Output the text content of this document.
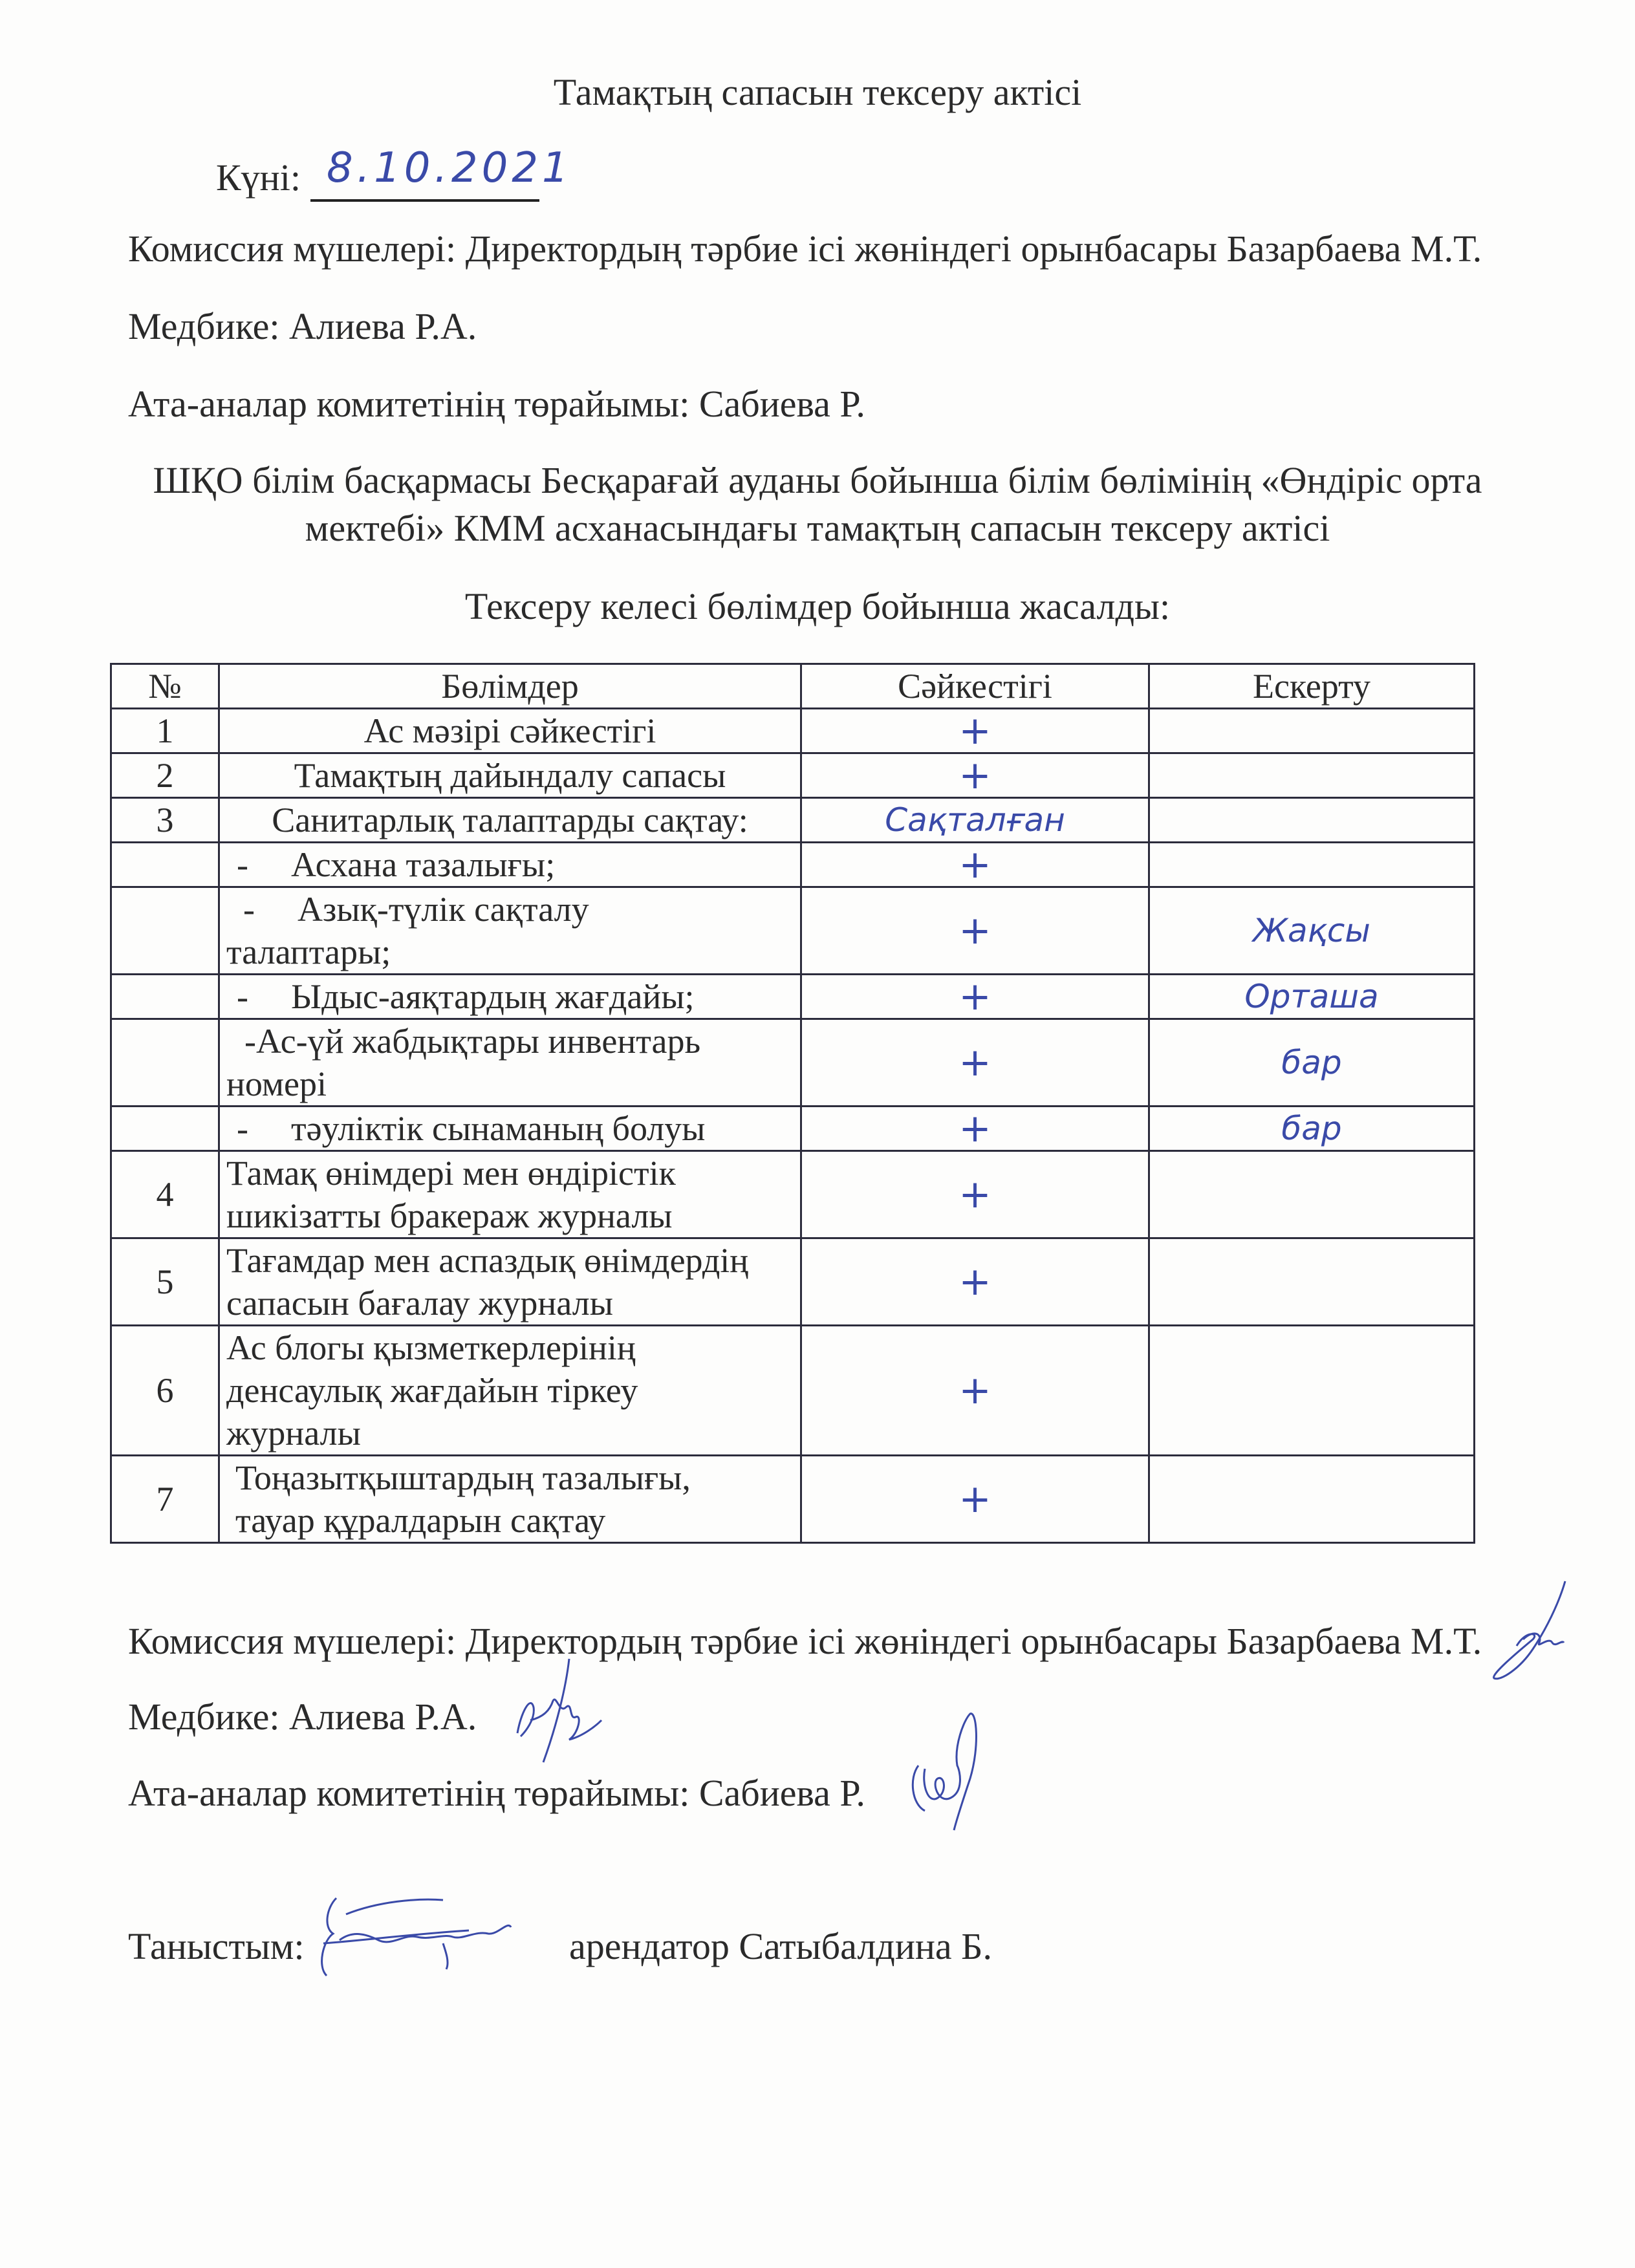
Тамақтың сапасын тексеру актісі
Күні: 8.10.2021
Комиссия мүшелері: Директордың тәрбие ісі жөніндегі орынбасары Базарбаева М.Т.
Медбике: Алиева Р.А.
Ата-аналар комитетінің төрайымы: Сабиева Р.
ШҚО білім басқармасы Бесқарағай ауданы бойынша білім бөлімінің «Өндіріс орта
мектебі» КММ асханасындағы тамақтың сапасын тексеру актісі
Тексеру келесі бөлімдер бойынша жасалды:
№	Бөлімдер	Сәйкестігі	Ескерту
1	Ас мәзірі сәйкестігі	+	
2	Тамақтың дайындалу сапасы	+	
3	Санитарлық талаптарды сақтау:	Сақталған	
	- Асхана тазалығы;	+	

	- Азық-түлік сақталу
талаптары;	+	Жақсы
	- Ыдыс-аяқтардың жағдайы;	+	Орташа

	-Ас-үй жабдықтары инвентарь
номері	+	бар
	- тәуліктік сынаманың болуы	+	бар
4	Тамақ өнімдері мен өндірістік
шикізатты бракераж журналы	+	
5	Тағамдар мен аспаздық өнімдердің
сапасын бағалау журналы	+	
6	Ас блогы қызметкерлерінің
денсаулық жағдайын тіркеу
журналы	+	
7	Тоңазытқыштардың тазалығы,
тауар құралдарын сақтау	+	
Комиссия мүшелері: Директордың тәрбие ісі жөніндегі орынбасары Базарбаева М.Т.
Медбике: Алиева Р.А.
Ата-аналар комитетінің төрайымы: Сабиева Р.
Таныстым:	арендатор Сатыбалдина Б.
